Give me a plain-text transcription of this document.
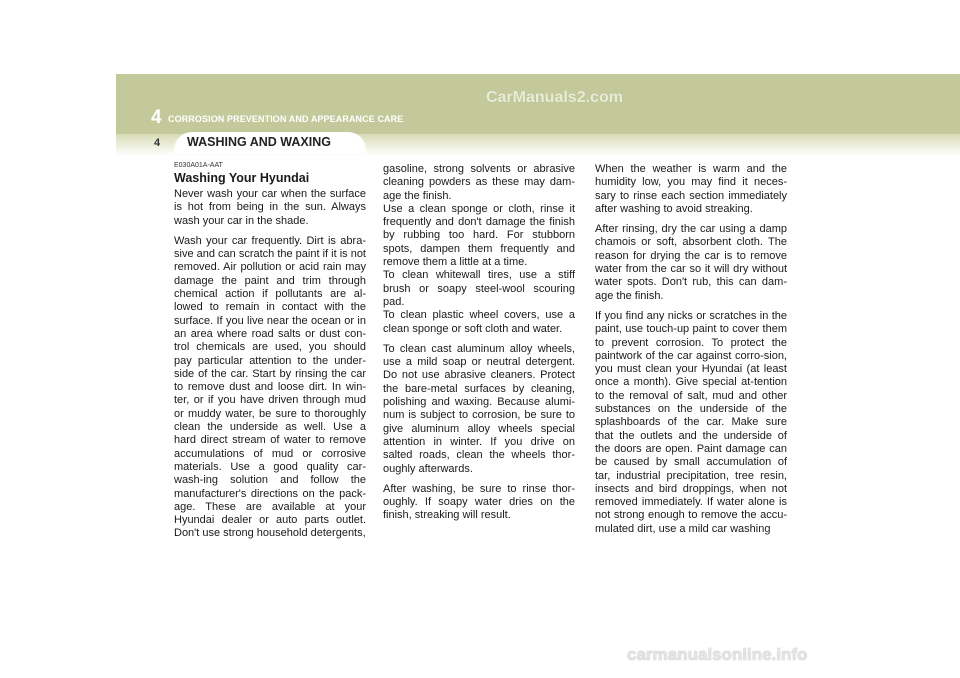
4 CORROSION PREVENTION AND APPEARANCE CARE
CarManuals2.com
4 WASHING AND WAXING

E030A01A-AAT

Washing Your Hyundai

Never wash your car when the surface is hot from being in the sun. Always wash your car in the shade.

Wash your car frequently. Dirt is abra-sive and can scratch the paint if it is not removed. Air pollution or acid rain may damage the paint and trim through chemical action if pollutants are al-lowed to remain in contact with the surface. If you live near the ocean or in an area where road salts or dust con-trol chemicals are used, you should pay particular attention to the under-side of the car. Start by rinsing the car to remove dust and loose dirt. In win-ter, or if you have driven through mud or muddy water, be sure to thoroughly clean the underside as well. Use a hard direct stream of water to remove accumulations of mud or corrosive materials. Use a good quality car-wash-ing solution and follow the manufacturer's directions on the pack-age. These are available at your Hyundai dealer or auto parts outlet. Don't use strong household detergents,

gasoline, strong solvents or abrasive cleaning powders as these may dam-age the finish.

Use a clean sponge or cloth, rinse it frequently and don't damage the finish by rubbing too hard. For stubborn spots, dampen them frequently and remove them a little at a time.

To clean whitewall tires, use a stiff brush or soapy steel-wool scouring pad.

To clean plastic wheel covers, use a clean sponge or soft cloth and water.

To clean cast aluminum alloy wheels, use a mild soap or neutral detergent. Do not use abrasive cleaners. Protect the bare-metal surfaces by cleaning, polishing and waxing. Because alumi-num is subject to corrosion, be sure to give aluminum alloy wheels special attention in winter. If you drive on salted roads, clean the wheels thor-oughly afterwards.

After washing, be sure to rinse thor-oughly. If soapy water dries on the finish, streaking will result.

When the weather is warm and the humidity low, you may find it neces-sary to rinse each section immediately after washing to avoid streaking.

After rinsing, dry the car using a damp chamois or soft, absorbent cloth. The reason for drying the car is to remove water from the car so it will dry without water spots. Don't rub, this can dam-age the finish.

If you find any nicks or scratches in the paint, use touch-up paint to cover them to prevent corrosion. To protect the paintwork of the car against corro-sion, you must clean your Hyundai (at least once a month). Give special at-tention to the removal of salt, mud and other substances on the underside of the splashboards of the car. Make sure that the outlets and the underside of the doors are open. Paint damage can be caused by small accumulation of tar, industrial precipitation, tree resin, insects and bird droppings, when not removed immediately. If water alone is not strong enough to remove the accu-mulated dirt, use a mild car washing

carmanualsonline.info
